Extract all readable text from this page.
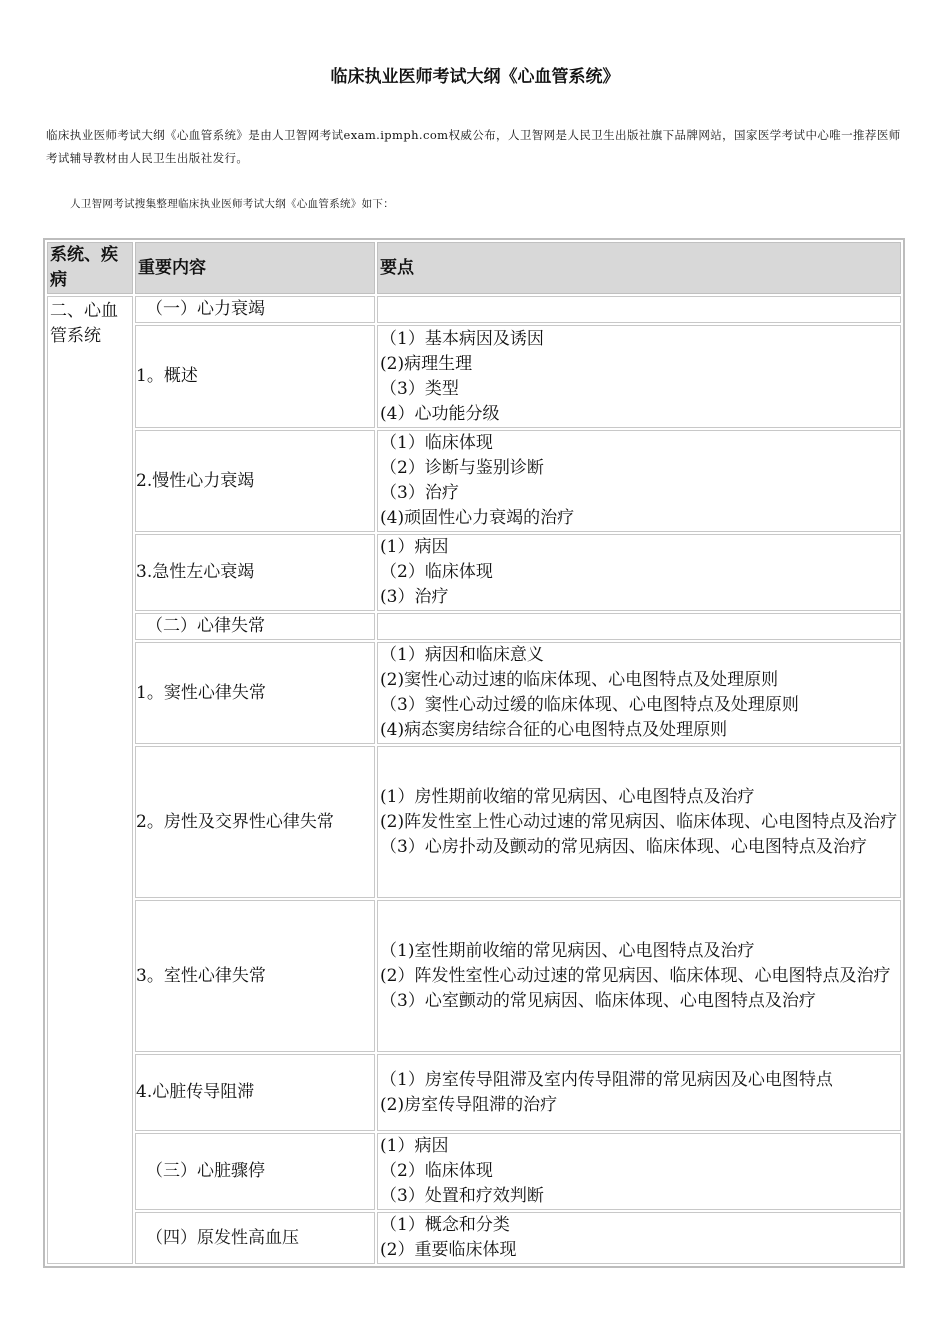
临床执业医师考试大纲《心血管系统》
临床执业医师考试大纲《心血管系统》是由人卫智网考试exam.ipmph.com权威公布，人卫智网是人民卫生出版社旗下品牌网站，国家医学考试中心唯一推荐医师考试辅导教材由人民卫生出版社发行。
人卫智网考试搜集整理临床执业医师考试大纲《心血管系统》如下：
系统、疾病	重要内容	要点
二、心血管系统	（一）心力衰竭	
	1。概述	（1）基本病因及诱因
(2)病理生理
（3）类型
(4）心功能分级

	2.慢性心力衰竭	（1）临床体现
（2）诊断与鉴别诊断
（3）治疗
(4)顽固性心力衰竭的治疗

	3.急性左心衰竭	(1）病因
（2）临床体现
(3）治疗

	（二）心律失常	
	1。窦性心律失常	（1）病因和临床意义
(2)窦性心动过速的临床体现、心电图特点及处理原则
（3）窦性心动过缓的临床体现、心电图特点及处理原则
(4)病态窦房结综合征的心电图特点及处理原则

	2。房性及交界性心律失常	(1）房性期前收缩的常见病因、心电图特点及治疗
(2)阵发性室上性心动过速的常见病因、临床体现、心电图特点及治疗
（3）心房扑动及颤动的常见病因、临床体现、心电图特点及治疗

	3。室性心律失常	（1)室性期前收缩的常见病因、心电图特点及治疗
(2）阵发性室性心动过速的常见病因、临床体现、心电图特点及治疗
（3）心室颤动的常见病因、临床体现、心电图特点及治疗

	4.心脏传导阻滞	（1）房室传导阻滞及室内传导阻滞的常见病因及心电图特点
(2)房室传导阻滞的治疗

	（三）心脏骤停	(1）病因
（2）临床体现
（3）处置和疗效判断

	（四）原发性高血压	（1）概念和分类
(2）重要临床体现
